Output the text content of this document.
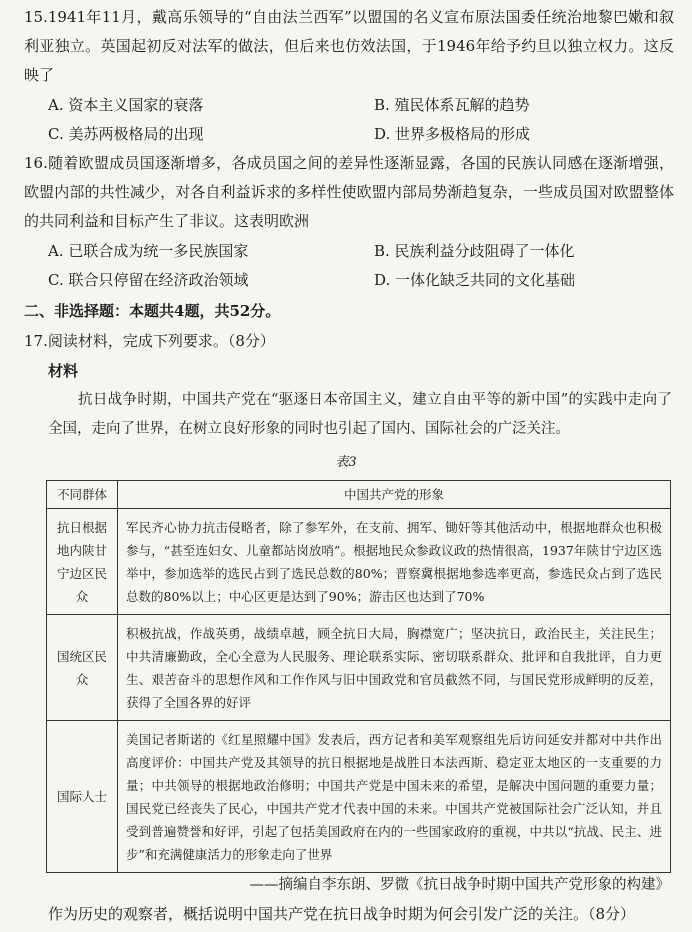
15.1941年11月，戴高乐领导的“自由法兰西军”以盟国的名义宣布原法国委任统治地黎巴嫩和叙利亚独立。英国起初反对法军的做法，但后来也仿效法国，于1946年给予约旦以独立权力。这反映了
A. 资本主义国家的衰落	B. 殖民体系瓦解的趋势
C. 美苏两极格局的出现	D. 世界多极格局的形成
16.随着欧盟成员国逐渐增多，各成员国之间的差异性逐渐显露，各国的民族认同感在逐渐增强，欧盟内部的共性减少，对各自利益诉求的多样性使欧盟内部局势渐趋复杂，一些成员国对欧盟整体的共同利益和目标产生了非议。这表明欧洲
A. 已联合成为统一多民族国家	B. 民族利益分歧阻碍了一体化
C. 联合只停留在经济政治领域	D. 一体化缺乏共同的文化基础
二、非选择题：本题共4题，共52分。
17.阅读材料，完成下列要求。（8分）
材料
抗日战争时期，中国共产党在“驱逐日本帝国主义，建立自由平等的新中国”的实践中走向了全国，走向了世界，在树立良好形象的同时也引起了国内、国际社会的广泛关注。
表3
不同群体	中国共产党的形象
抗日根据地内陕甘宁边区民众	军民齐心协力抗击侵略者，除了参军外，在支前、拥军、锄奸等其他活动中，根据地群众也积极参与，“甚至连妇女、儿童都站岗放哨”。根据地民众参政议政的热情很高，1937年陕甘宁边区选举中，参加选举的选民占到了选民总数的80%；晋察冀根据地参选率更高，参选民众占到了选民总数的80%以上；中心区更是达到了90%；游击区也达到了70%
国统区民众	积极抗战，作战英勇，战绩卓越，顾全抗日大局，胸襟宽广；坚决抗日，政治民主，关注民生；中共清廉勤政，全心全意为人民服务、理论联系实际、密切联系群众、批评和自我批评，自力更生、艰苦奋斗的思想作风和工作作风与旧中国政党和官员截然不同，与国民党形成鲜明的反差，获得了全国各界的好评
国际人士	美国记者斯诺的《红星照耀中国》发表后，西方记者和美军观察组先后访问延安并都对中共作出高度评价：中国共产党及其领导的抗日根据地是战胜日本法西斯、稳定亚太地区的一支重要的力量；中共领导的根据地政治修明；中国共产党是中国未来的希望，是解决中国问题的重要力量；国民党已经丧失了民心，中国共产党才代表中国的未来。中国共产党被国际社会广泛认知，并且受到普遍赞誉和好评，引起了包括美国政府在内的一些国家政府的重视，中共以“抗战、民主、进步”和充满健康活力的形象走向了世界
——摘编自李东朗、罗微《抗日战争时期中国共产党形象的构建》
作为历史的观察者，概括说明中国共产党在抗日战争时期为何会引发广泛的关注。（8分）
